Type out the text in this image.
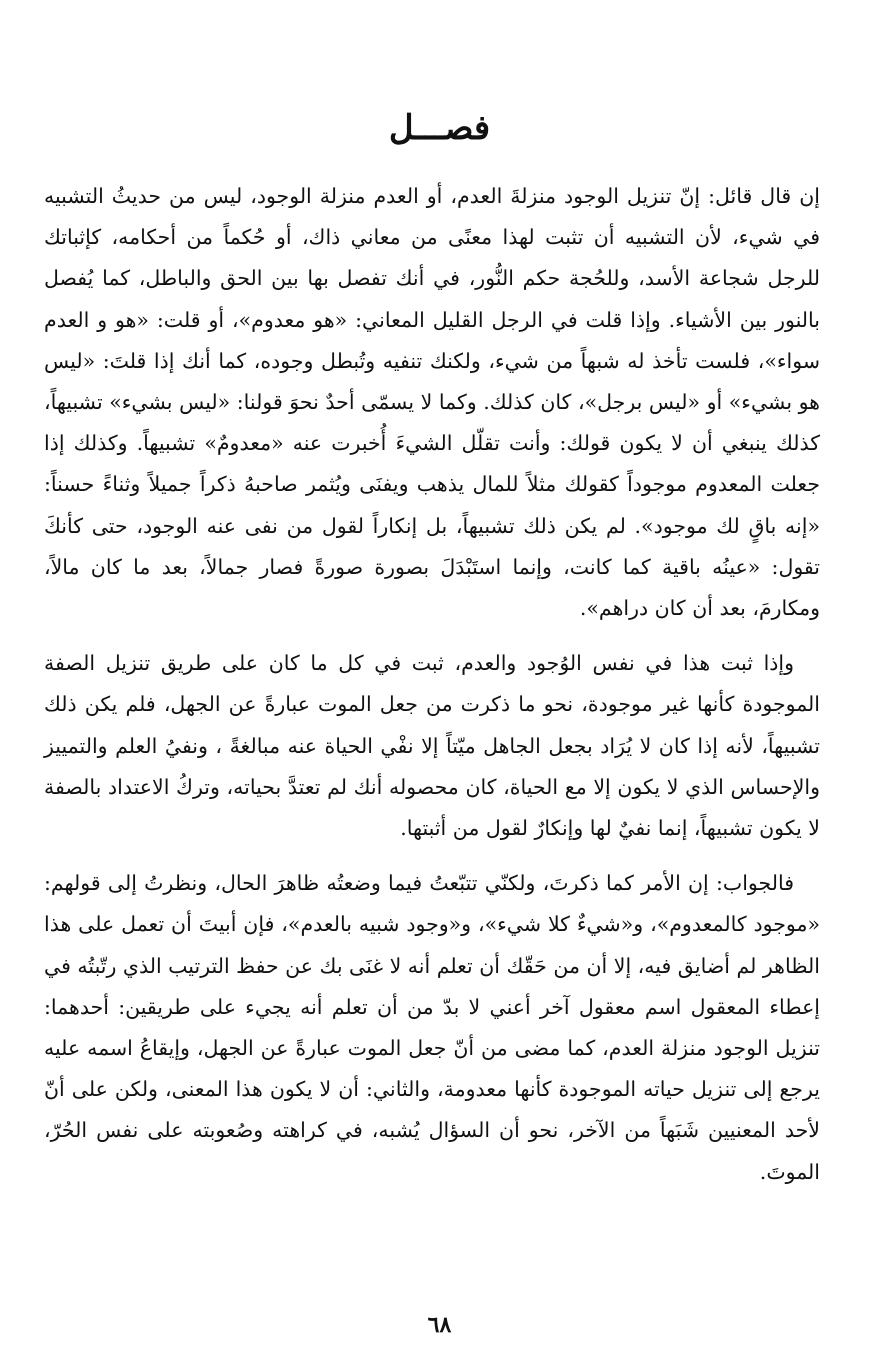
فصـــل

إن قال قائل: إنّ تنزيل الوجود منزلةَ العدم، أو العدم منزلة الوجود، ليس من حديثُ التشبيه في شيء، لأن التشبيه أن تثبت لهذا معنًى من معاني ذاك، أو حُكماً من أحكامه، كإثباتك للرجل شجاعة الأسد، وللحُجة حكم النُّور، في أنك تفصل بها بين الحق والباطل، كما يُفصل بالنور بين الأشياء. وإذا قلت في الرجل القليل المعاني: «هو معدوم»، أو قلت: «هو و العدم سواء»، فلست تأخذ له شبهاً من شيء، ولكنك تنفيه وتُبطل وجوده، كما أنك إذا قلتَ: «ليس هو بشيء» أو «ليس برجل»، كان كذلك. وكما لا يسمّى أحدٌ نحوَ قولنا: «ليس بشيء» تشبيهاً، كذلك ينبغي أن لا يكون قولك: وأنت تقلّل الشيءَ أُخبرت عنه «معدومٌ» تشبيهاً. وكذلك إذا جعلت المعدوم موجوداً كقولك مثلاً للمال يذهب ويفنَى ويُثمر صاحبهُ ذكراً جميلاً وثناءً حسناً: «إنه باقٍ لك موجود». لم يكن ذلك تشبيهاً، بل إنكاراً لقول من نفى عنه الوجود، حتى كأنكَ تقول: «عينُه باقية كما كانت، وإنما استَبْدَلَ بصورة صورةً فصار جمالاً، بعد ما كان مالاً، ومكارمَ، بعد أن كان دراهم».

وإذا ثبت هذا في نفس الوُجود والعدم، ثبت في كل ما كان على طريق تنزيل الصفة الموجودة كأنها غير موجودة، نحو ما ذكرت من جعل الموت عبارةً عن الجهل، فلم يكن ذلك تشبيهاً، لأنه إذا كان لا يُرَاد بجعل الجاهل ميّتاً إلا نفْي الحياة عنه مبالغةً ، ونفيُ العلم والتمييز والإحساس الذي لا يكون إلا مع الحياة، كان محصوله أنك لم تعتدَّ بحياته، وتركُ الاعتداد بالصفة لا يكون تشبيهاً، إنما نفيٌ لها وإنكارٌ لقول من أثبتها.

فالجواب: إن الأمر كما ذكرتَ، ولكنّي تتبّعتُ فيما وضعتُه ظاهرَ الحال، ونظرتُ إلى قولهم: «موجود كالمعدوم»، و«شيءٌ كلا شيء»، و«وجود شبيه بالعدم»، فإن أبيتَ أن تعمل على هذا الظاهر لم أضايق فيه، إلا أن من حَقّك أن تعلم أنه لا غنَى بك عن حفظ الترتيب الذي رتّبتُه في إعطاء المعقول اسم معقول آخر أعني لا بدّ من أن تعلم أنه يجيء على طريقين: أحدهما: تنزيل الوجود منزلة العدم، كما مضى من أنّ جعل الموت عبارةً عن الجهل، وإيقاعُ اسمه عليه يرجع إلى تنزيل حياته الموجودة كأنها معدومة، والثاني: أن لا يكون هذا المعنى، ولكن على أنّ لأحد المعنيين شَبَهاً من الآخر، نحو أن السؤال يُشبه، في كراهته وصُعوبته على نفس الحُرّ، الموتَ.

٦٨
